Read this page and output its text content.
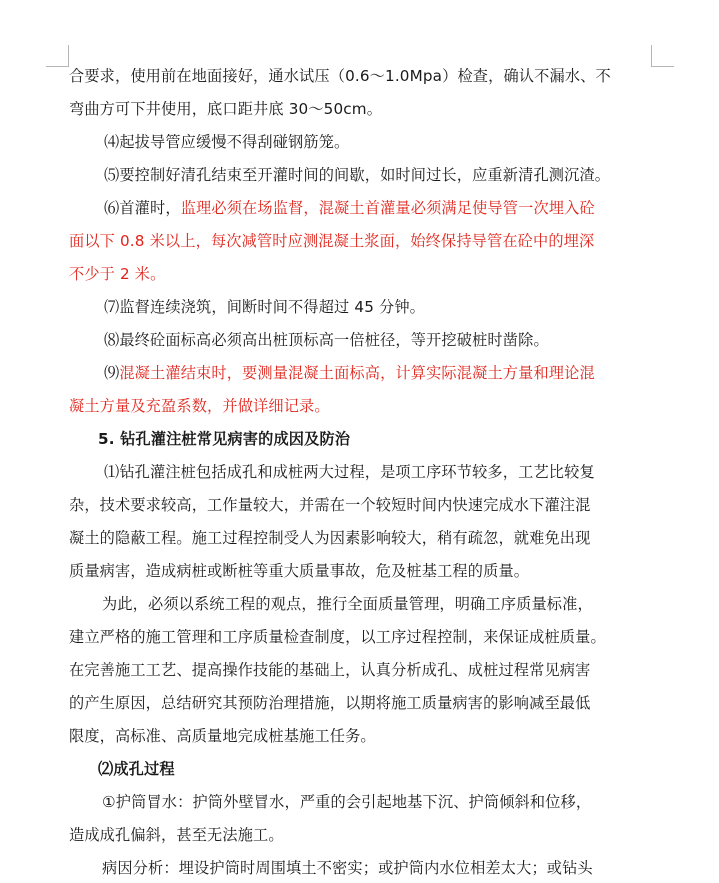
合要求，使用前在地面接好，通水试压（0.6～1.0Mpa）检查，确认不漏水、不
弯曲方可下井使用，底口距井底 30～50cm。
⑷起拔导管应缓慢不得刮碰钢筋笼。
⑸要控制好清孔结束至开灌时间的间歇，如时间过长，应重新清孔测沉渣。
⑹首灌时，监理必须在场监督，混凝土首灌量必须满足使导管一次埋入砼
面以下 0.8 米以上，每次减管时应测混凝土浆面，始终保持导管在砼中的埋深
不少于 2 米。
⑺监督连续浇筑，间断时间不得超过 45 分钟。
⑻最终砼面标高必须高出桩顶标高一倍桩径，等开挖破桩时凿除。
⑼混凝土灌结束时，要测量混凝土面标高，计算实际混凝土方量和理论混
凝土方量及充盈系数，并做详细记录。
5. 钻孔灌注桩常见病害的成因及防治
⑴钻孔灌注桩包括成孔和成桩两大过程，是项工序环节较多，工艺比较复
杂，技术要求较高，工作量较大，并需在一个较短时间内快速完成水下灌注混
凝土的隐蔽工程。施工过程控制受人为因素影响较大，稍有疏忽，就难免出现
质量病害，造成病桩或断桩等重大质量事故，危及桩基工程的质量。
为此，必须以系统工程的观点，推行全面质量管理，明确工序质量标准，
建立严格的施工管理和工序质量检查制度，以工序过程控制，来保证成桩质量。
在完善施工工艺、提高操作技能的基础上，认真分析成孔、成桩过程常见病害
的产生原因，总结研究其预防治理措施，以期将施工质量病害的影响减至最低
限度，高标准、高质量地完成桩基施工任务。
⑵成孔过程
①护筒冒水：护筒外壁冒水，严重的会引起地基下沉、护筒倾斜和位移，
造成成孔偏斜，甚至无法施工。
病因分析：埋设护筒时周围填土不密实；或护筒内水位相差太大；或钻头
